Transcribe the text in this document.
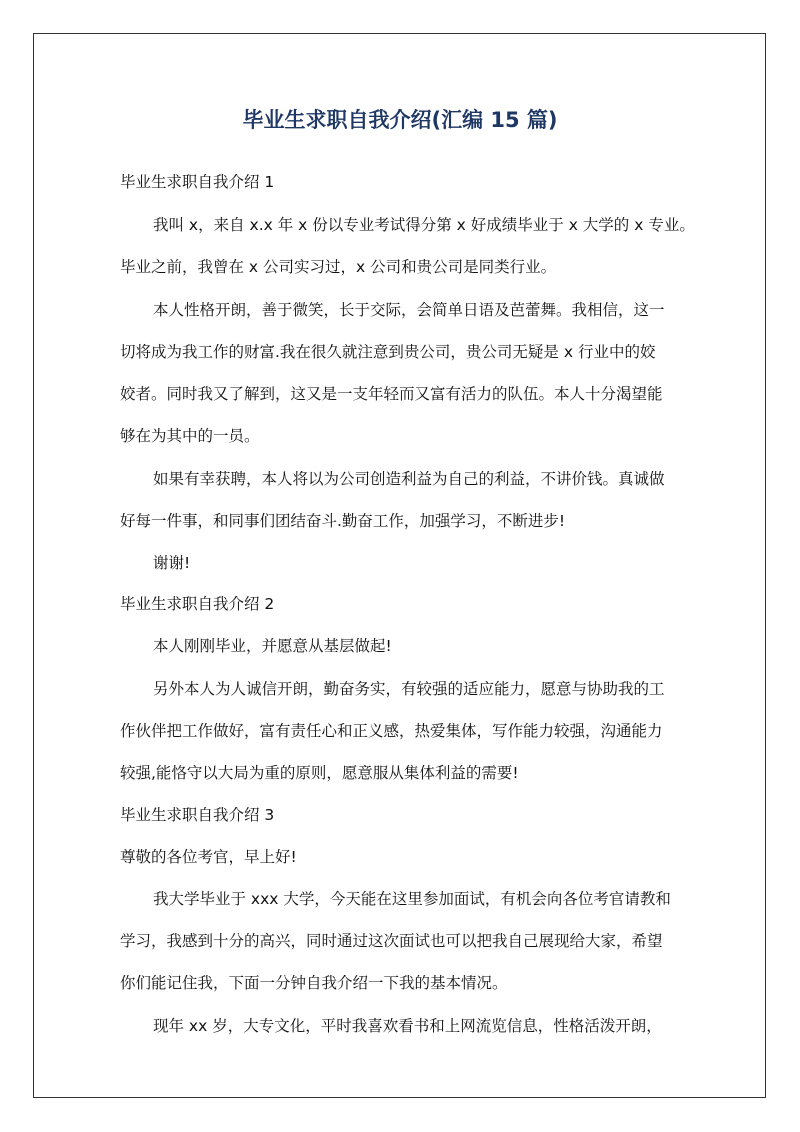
毕业生求职自我介绍(汇编 15 篇)

毕业生求职自我介绍 1

我叫 x，来自 x.x 年 x 份以专业考试得分第 x 好成绩毕业于 x 大学的 x 专业。

毕业之前，我曾在 x 公司实习过，x 公司和贵公司是同类行业。

本人性格开朗，善于微笑，长于交际，会简单日语及芭蕾舞。我相信，这一

切将成为我工作的财富.我在很久就注意到贵公司，贵公司无疑是 x 行业中的姣

姣者。同时我又了解到，这又是一支年轻而又富有活力的队伍。本人十分渴望能

够在为其中的一员。

如果有幸获聘，本人将以为公司创造利益为自己的利益，不讲价钱。真诚做

好每一件事，和同事们团结奋斗.勤奋工作，加强学习，不断进步!

谢谢!

毕业生求职自我介绍 2

本人刚刚毕业，并愿意从基层做起!

另外本人为人诚信开朗，勤奋务实，有较强的适应能力，愿意与协助我的工

作伙伴把工作做好，富有责任心和正义感，热爱集体，写作能力较强，沟通能力

较强,能恪守以大局为重的原则，愿意服从集体利益的需要!

毕业生求职自我介绍 3

尊敬的各位考官，早上好!

我大学毕业于 xxx 大学，今天能在这里参加面试，有机会向各位考官请教和

学习，我感到十分的高兴，同时通过这次面试也可以把我自己展现给大家，希望

你们能记住我，下面一分钟自我介绍一下我的基本情况。

现年 xx 岁，大专文化，平时我喜欢看书和上网流览信息，性格活泼开朗，
